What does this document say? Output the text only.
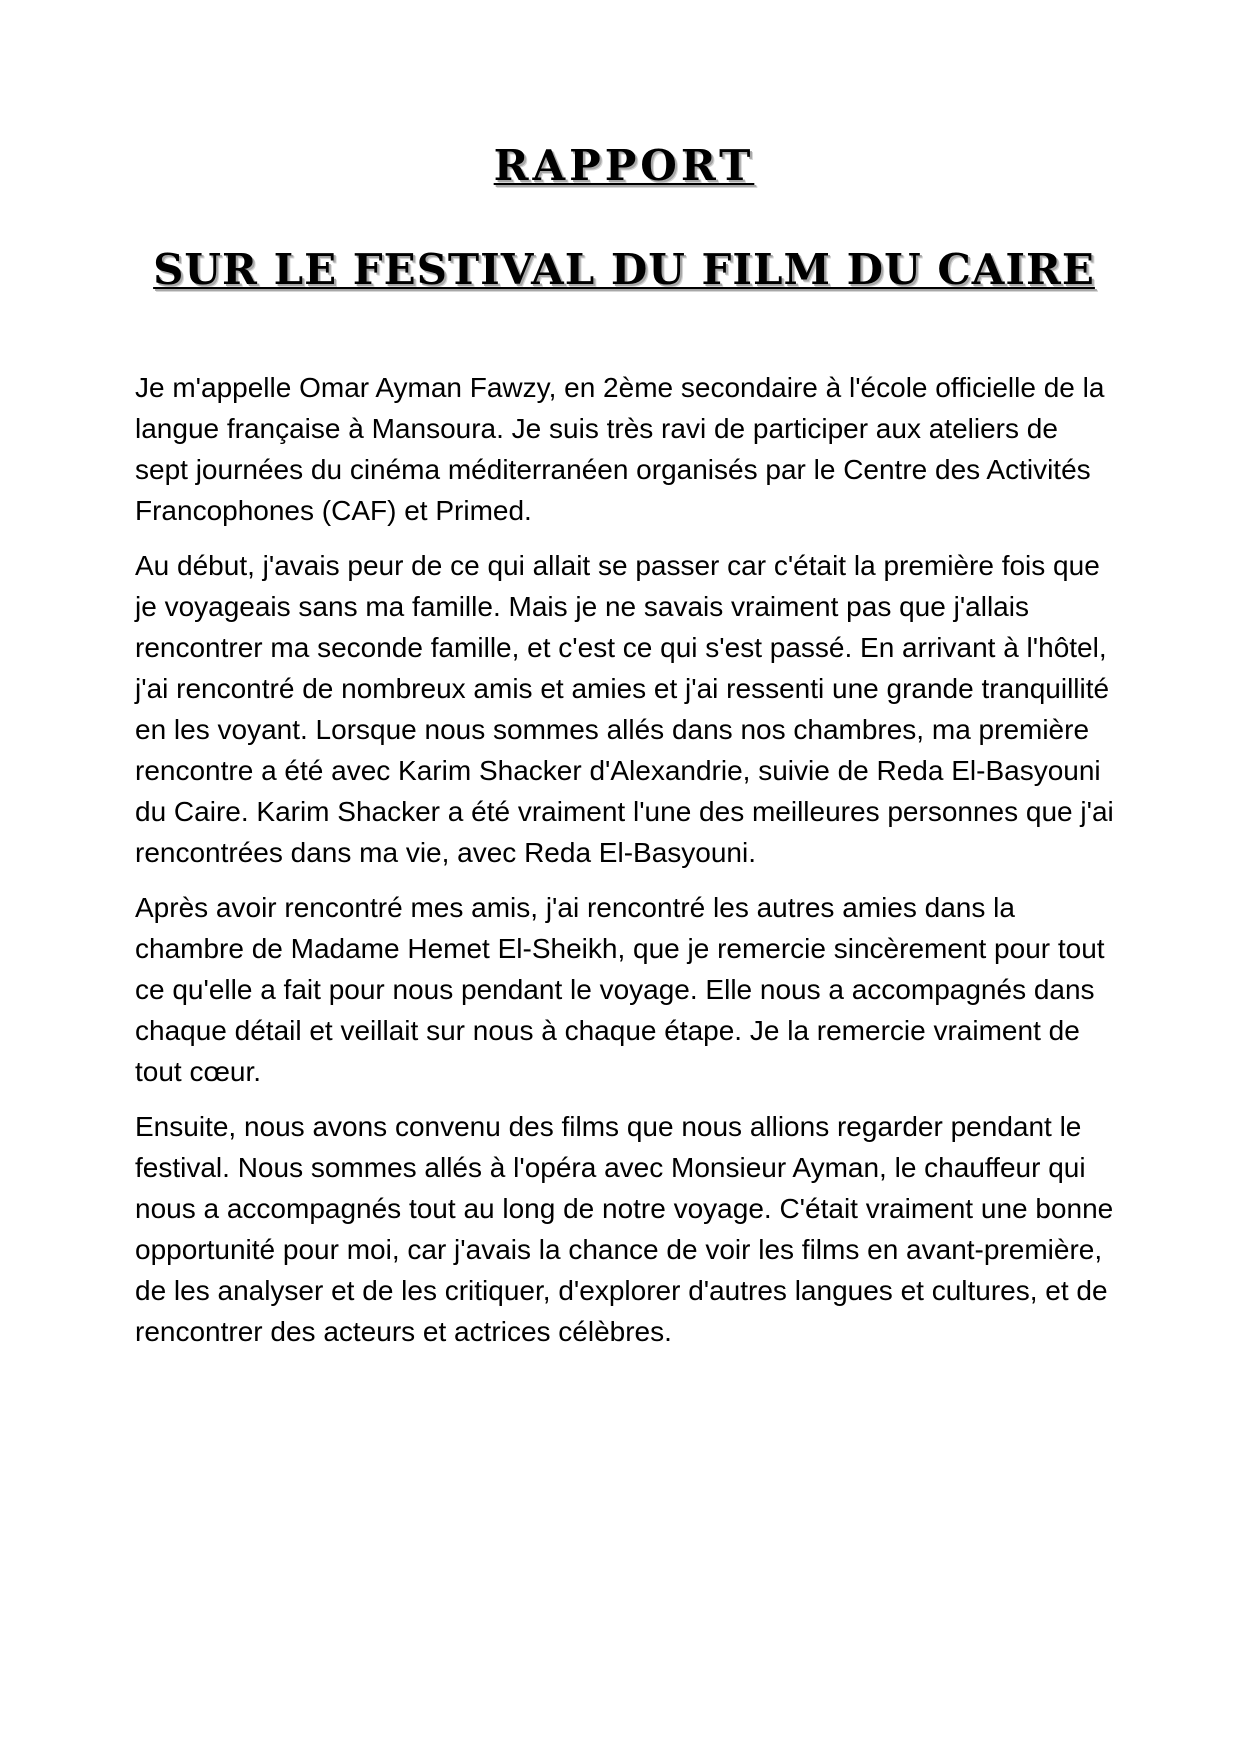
RAPPORT
SUR LE FESTIVAL DU FILM DU CAIRE

Je m'appelle Omar Ayman Fawzy, en 2ème secondaire à l'école officielle de la langue française à Mansoura. Je suis très ravi de participer aux ateliers de sept journées du cinéma méditerranéen organisés par le Centre des Activités Francophones (CAF) et Primed.

Au début, j'avais peur de ce qui allait se passer car c'était la première fois que je voyageais sans ma famille. Mais je ne savais vraiment pas que j'allais rencontrer ma seconde famille, et c'est ce qui s'est passé. En arrivant à l'hôtel, j'ai rencontré de nombreux amis et amies et j'ai ressenti une grande tranquillité en les voyant. Lorsque nous sommes allés dans nos chambres, ma première rencontre a été avec Karim Shacker d'Alexandrie, suivie de Reda El-Basyouni du Caire. Karim Shacker a été vraiment l'une des meilleures personnes que j'ai rencontrées dans ma vie, avec Reda El-Basyouni.

Après avoir rencontré mes amis, j'ai rencontré les autres amies dans la chambre de Madame Hemet El-Sheikh, que je remercie sincèrement pour tout ce qu'elle a fait pour nous pendant le voyage. Elle nous a accompagnés dans chaque détail et veillait sur nous à chaque étape. Je la remercie vraiment de tout cœur.

Ensuite, nous avons convenu des films que nous allions regarder pendant le festival. Nous sommes allés à l'opéra avec Monsieur Ayman, le chauffeur qui nous a accompagnés tout au long de notre voyage. C'était vraiment une bonne opportunité pour moi, car j'avais la chance de voir les films en avant-première, de les analyser et de les critiquer, d'explorer d'autres langues et cultures, et de rencontrer des acteurs et actrices célèbres.
